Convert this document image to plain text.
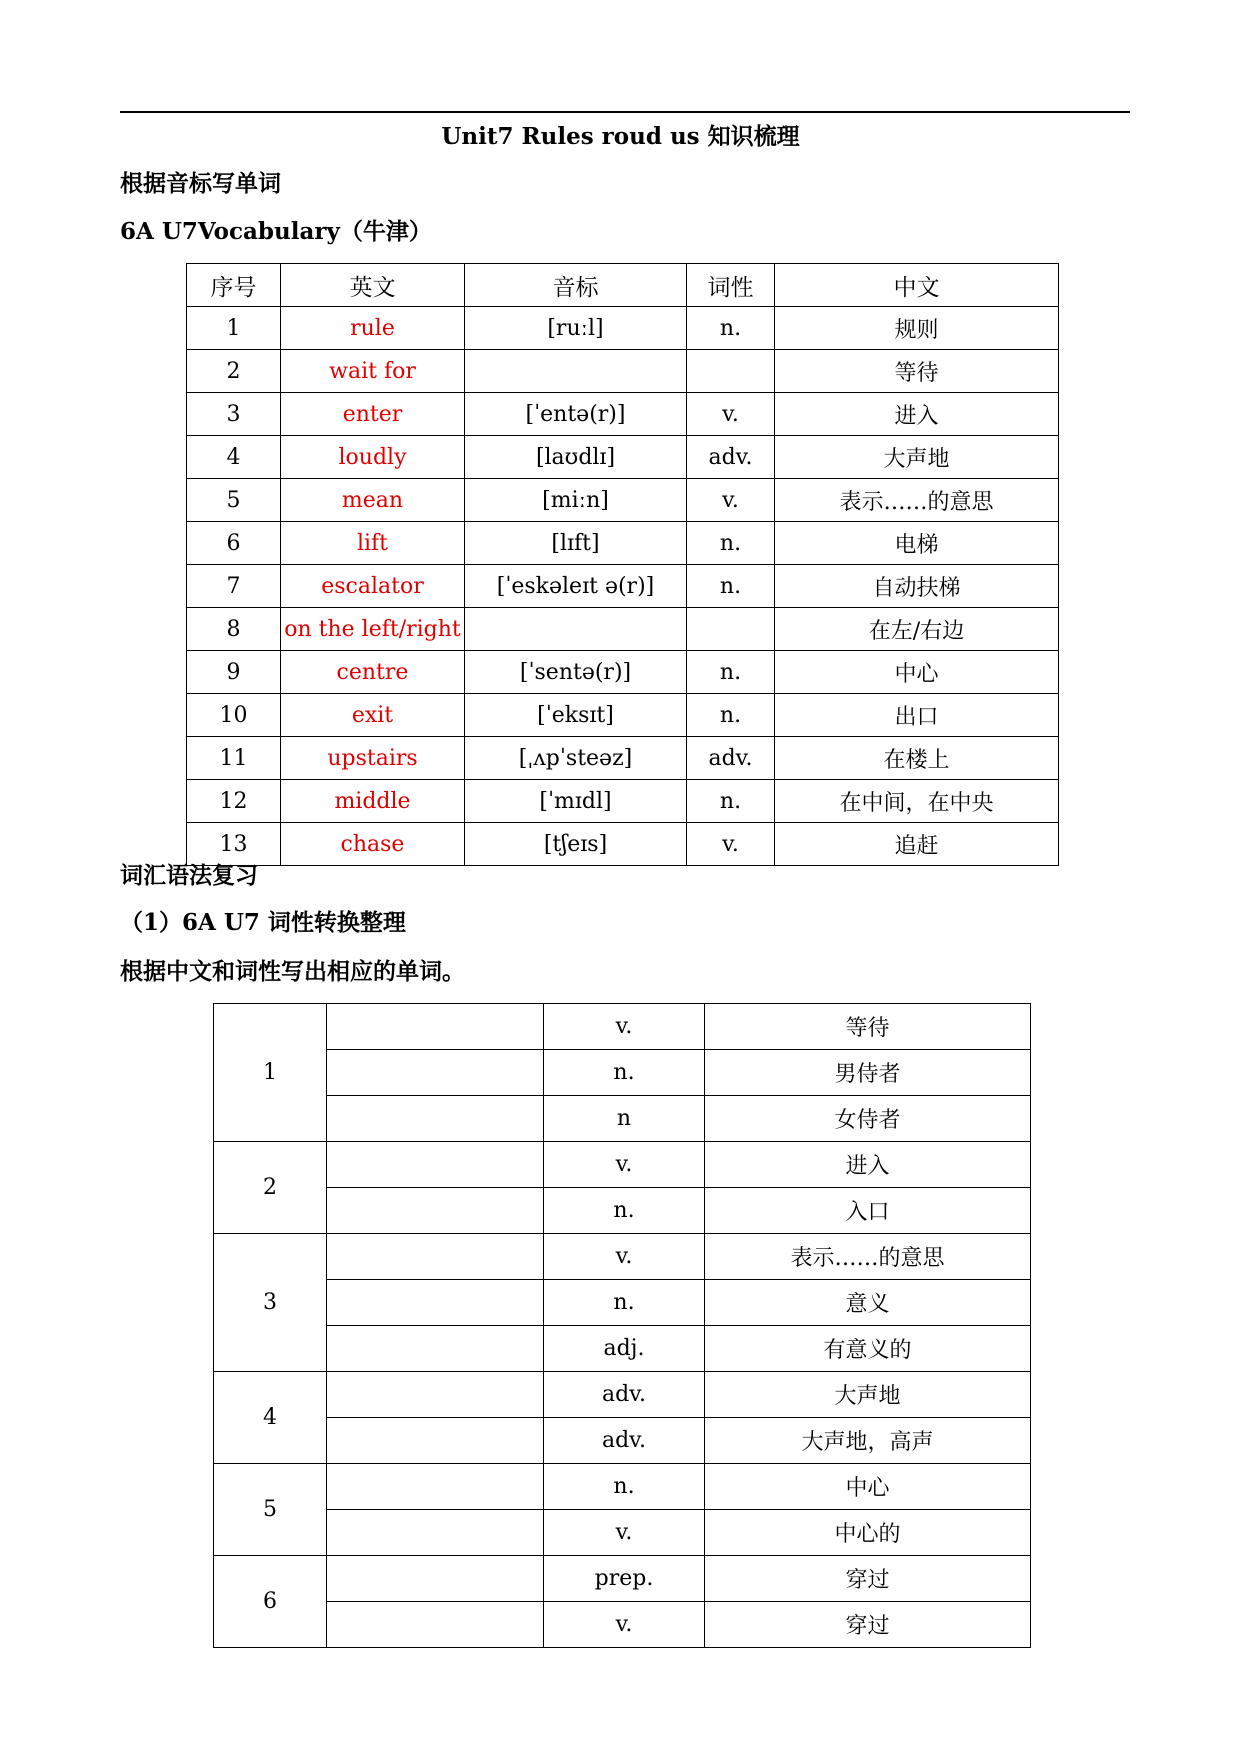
Unit7 Rules roud us 知识梳理
根据音标写单词
6A U7Vocabulary（牛津）
序号	英文	音标	词性	中文
1	rule	[ruːl]	n.	规则
2	wait for			等待
3	enter	[ˈentə(r)]	v.	进入
4	loudly	[laʊdlɪ]	adv.	大声地
5	mean	[miːn]	v.	表示……的意思
6	lift	[lɪft]	n.	电梯
7	escalator	[ˈeskəleɪt ə(r)]	n.	自动扶梯
8	on the left/right			在左/右边
9	centre	[ˈsentə(r)]	n.	中心
10	exit	[ˈeksɪt]	n.	出口
11	upstairs	[ˌʌpˈsteəz]	adv.	在楼上
12	middle	[ˈmɪdl]	n.	在中间，在中央
13	chase	[tʃeɪs]	v.	追赶
词汇语法复习
（1）6A U7 词性转换整理
根据中文和词性写出相应的单词。
1		v.	等待
		n.	男侍者
		n	女侍者
2		v.	进入
		n.	入口
3		v.	表示……的意思
		n.	意义
		adj.	有意义的
4		adv.	大声地
		adv.	大声地，高声
5		n.	中心
		v.	中心的
6		prep.	穿过
		v.	穿过
